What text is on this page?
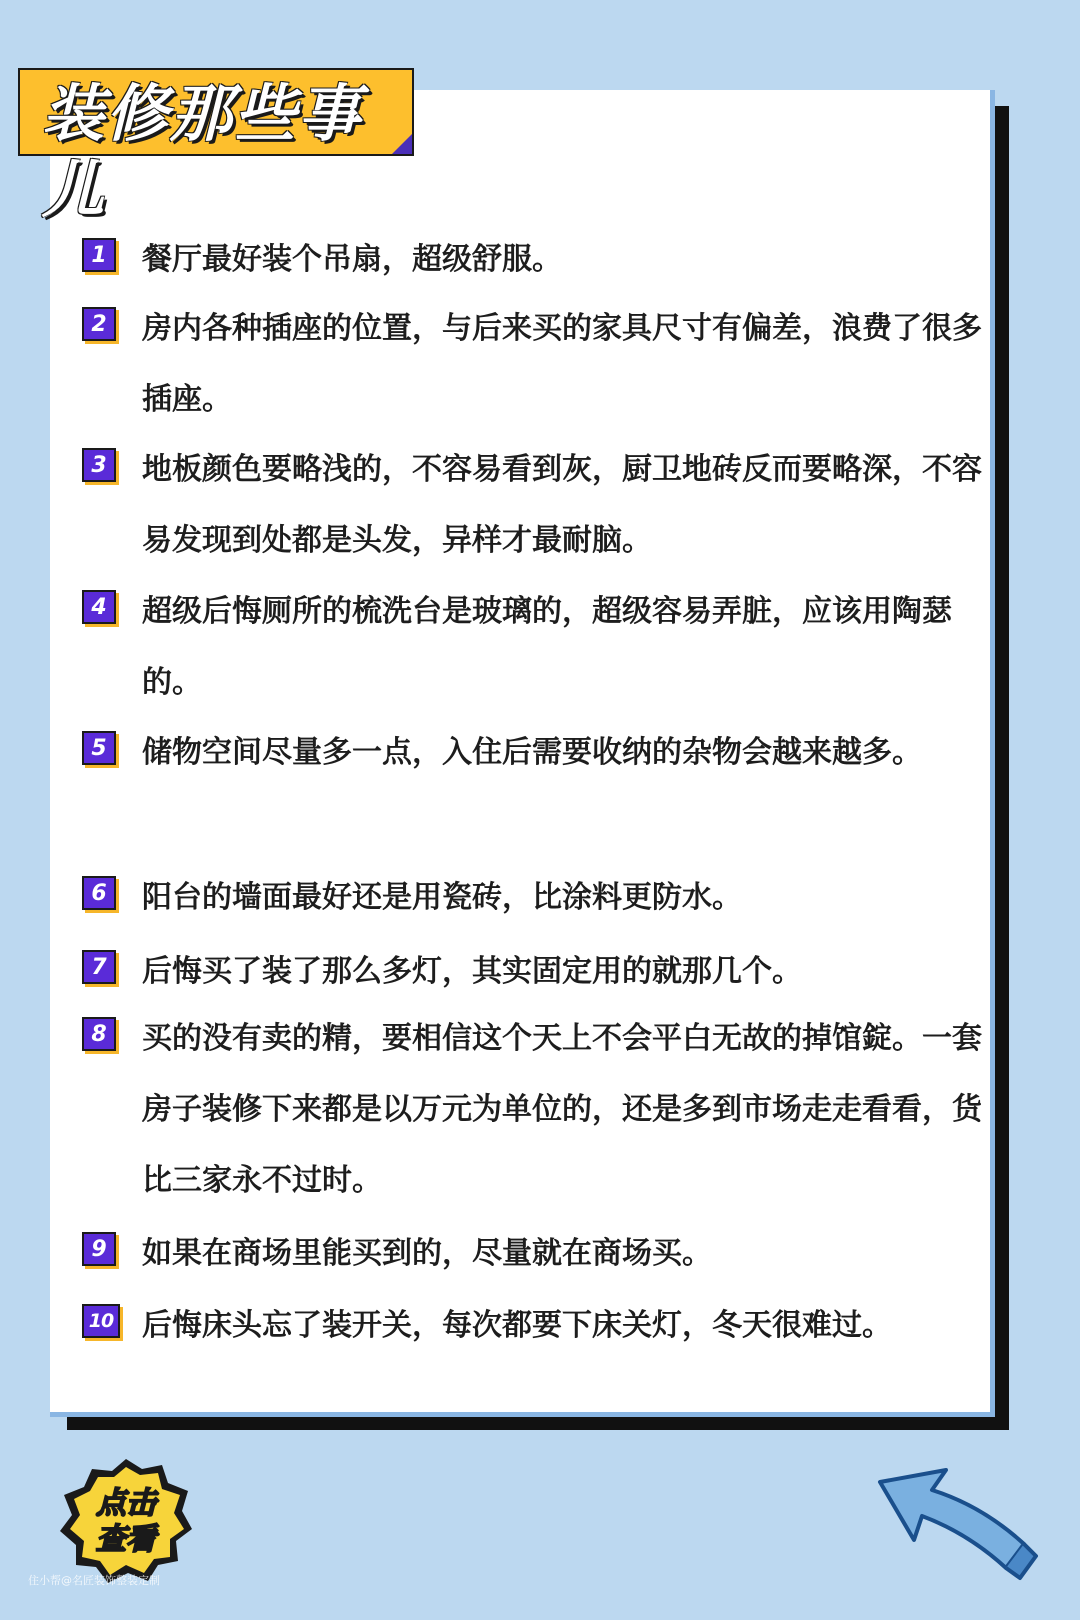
装修那些事儿
1	餐厅最好装个吊扇，超级舒服。
2	房内各种插座的位置，与后来买的家具尺寸有偏差，浪费了很多插座。
3	地板颜色要略浅的，不容易看到灰，厨卫地砖反而要略深，不容易发现到处都是头发，异样才最耐脑。
4	超级后悔厕所的梳洗台是玻璃的，超级容易弄脏，应该用陶瑟的。
5	储物空间尽量多一点，入住后需要收纳的杂物会越来越多。
6	阳台的墙面最好还是用瓷砖，比涂料更防水。
7	后悔买了装了那么多灯，其实固定用的就那几个。
8	买的没有卖的精，要相信这个天上不会平白无故的掉馆錠。一套房子装修下来都是以万元为单位的，还是多到市场走走看看，货比三家永不过时。
9	如果在商场里能买到的，尽量就在商场买。
10 后悔床头忘了装开关，每次都要下床关灯，冬天很难过。
点击
查看
住小帮@名匠装饰整装定制
